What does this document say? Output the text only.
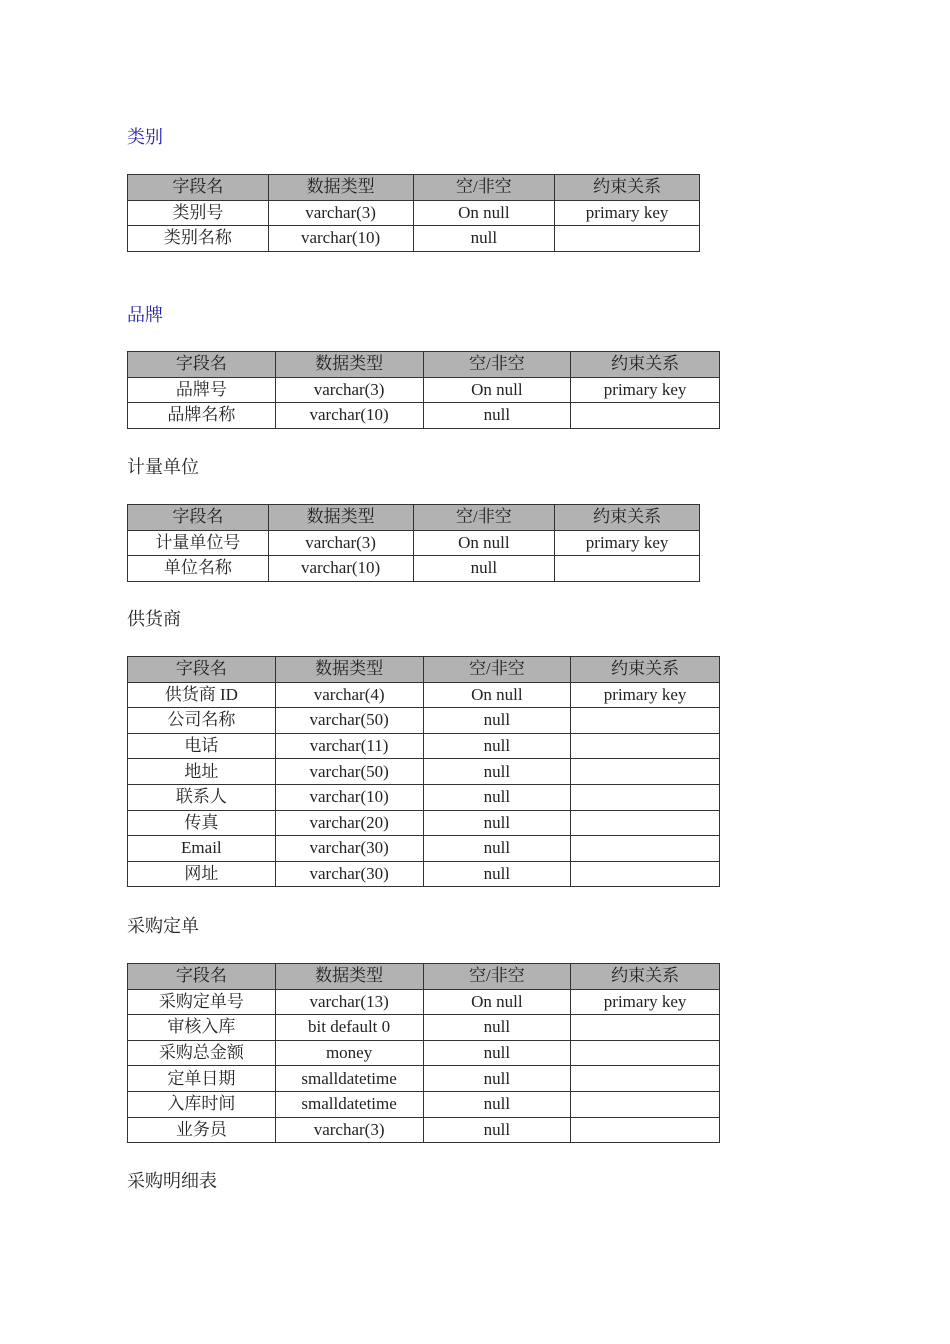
类别
字段名	数据类型	空/非空	约束关系
类别号	varchar(3)	On null	primary key
类别名称	varchar(10)	null	
品牌
字段名	数据类型	空/非空	约束关系
品牌号	varchar(3)	On null	primary key
品牌名称	varchar(10)	null	
计量单位
字段名	数据类型	空/非空	约束关系
计量单位号	varchar(3)	On null	primary key
单位名称	varchar(10)	null	
供货商
字段名	数据类型	空/非空	约束关系
供货商 ID	varchar(4)	On null	primary key
公司名称	varchar(50)	null	
电话	varchar(11)	null	
地址	varchar(50)	null	
联系人	varchar(10)	null	
传真	varchar(20)	null	
Email	varchar(30)	null	
网址	varchar(30)	null	
采购定单
字段名	数据类型	空/非空	约束关系
采购定单号	varchar(13)	On null	primary key
审核入库	bit default 0	null	
采购总金额	money	null	
定单日期	smalldatetime	null	
入库时间	smalldatetime	null	
业务员	varchar(3)	null	
采购明细表
